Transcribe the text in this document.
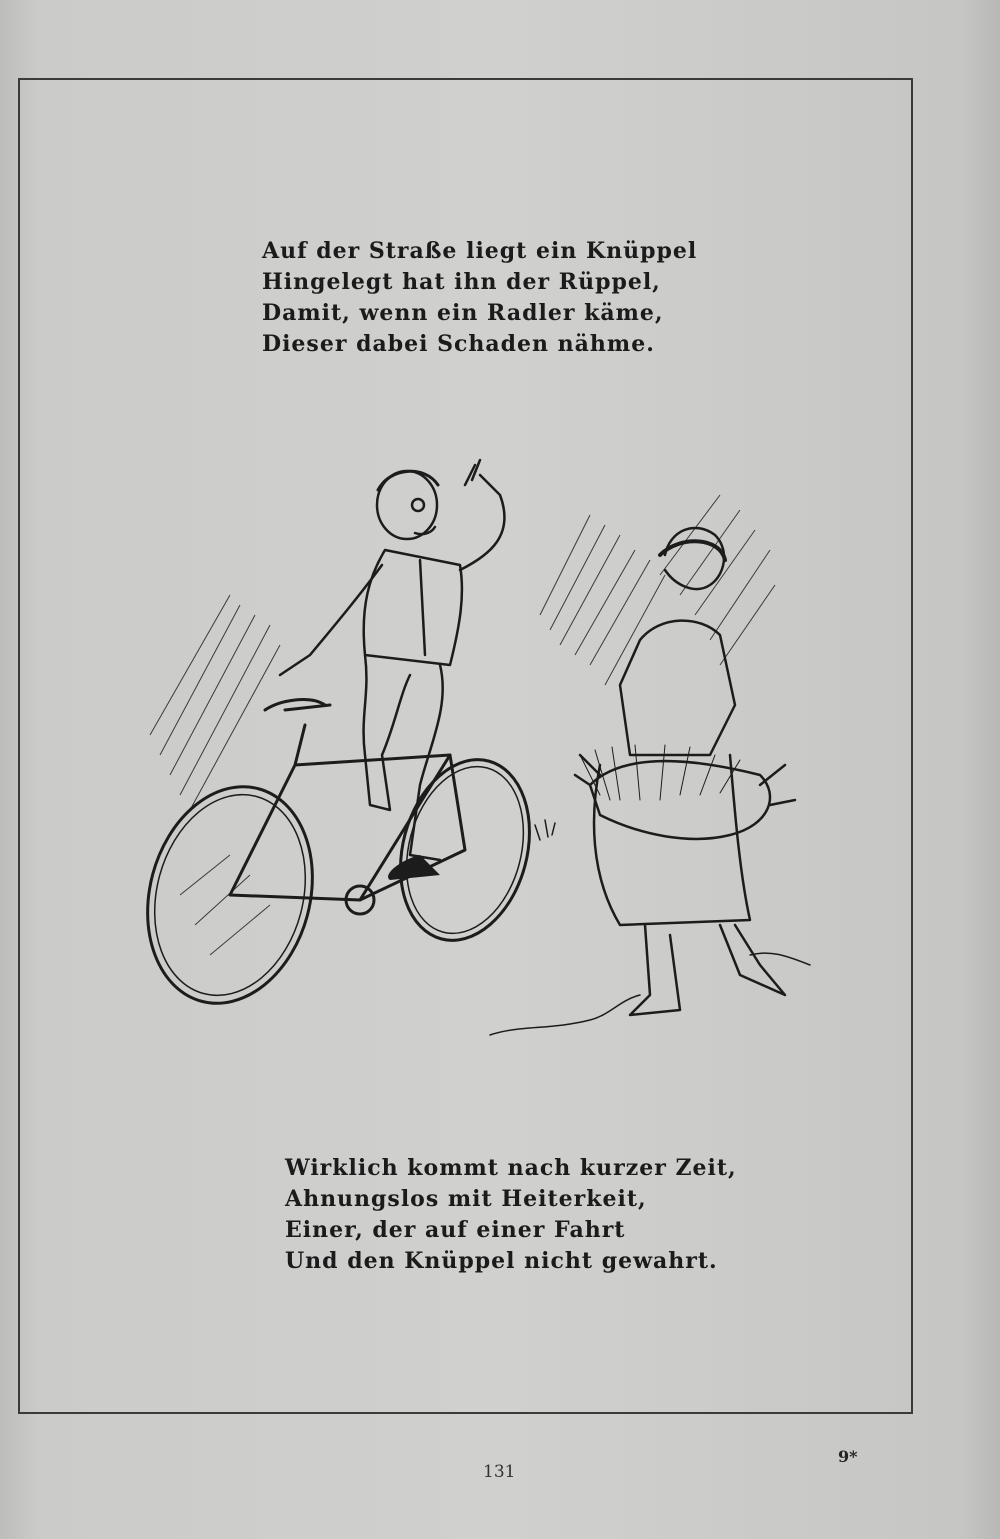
Auf der Straße liegt ein Knüppel
Hingelegt hat ihn der Rüppel,
Damit, wenn ein Radler käme,
Dieser dabei Schaden nähme.
Wirklich kommt nach kurzer Zeit,
Ahnungslos mit Heiterkeit,
Einer, der auf einer Fahrt
Und den Knüppel nicht gewahrt.
131
9*
